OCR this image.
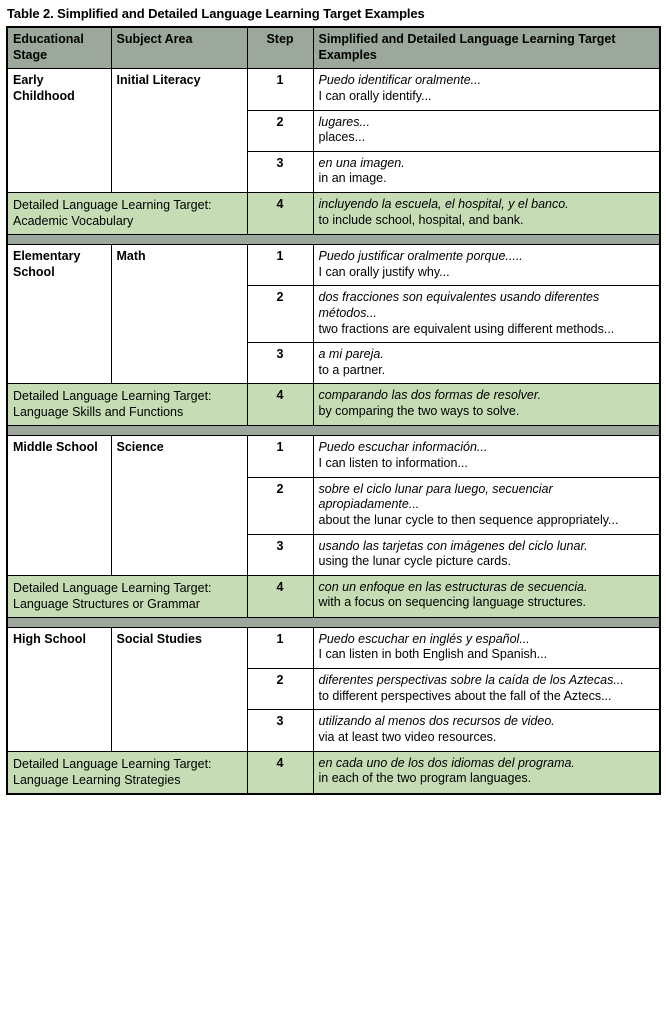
Table 2. Simplified and Detailed Language Learning Target Examples
Educational Stage	Subject Area	Step	Simplified and Detailed Language Learning Target Examples
Early Childhood	Initial Literacy	1	Puedo identificar oralmente...
I can orally identify...

		2	lugares...
places...

		3	en una imagen.
in an image.

Detailed Language Learning Target: Academic Vocabulary		4	incluyendo la escuela, el hospital, y el banco.
to include school, hospital, and bank.

Elementary School	Math	1	Puedo justificar oralmente porque.....
I can orally justify why...

		2	dos fracciones son equivalentes usando diferentes métodos...
two fractions are equivalent using different methods...

		3	a mi pareja.
to a partner.

Detailed Language Learning Target: Language Skills and Functions		4	comparando las dos formas de resolver.
by comparing the two ways to solve.

Middle School	Science	1	Puedo escuchar información...
I can listen to information...

		2	sobre el ciclo lunar para luego, secuenciar apropiadamente...
about the lunar cycle to then sequence appropriately...

		3	usando las tarjetas con imágenes del ciclo lunar.
using the lunar cycle picture cards.

Detailed Language Learning Target: Language Structures or Grammar		4	con un enfoque en las estructuras de secuencia.
with a focus on sequencing language structures.

High School	Social Studies	1	Puedo escuchar en inglés y español...
I can listen in both English and Spanish...

		2	diferentes perspectivas sobre la caída de los Aztecas...
to different perspectives about the fall of the Aztecs...

		3	utilizando al menos dos recursos de video.
via at least two video resources.

Detailed Language Learning Target: Language Learning Strategies		4	en cada uno de los dos idiomas del programa.
in each of the two program languages.
